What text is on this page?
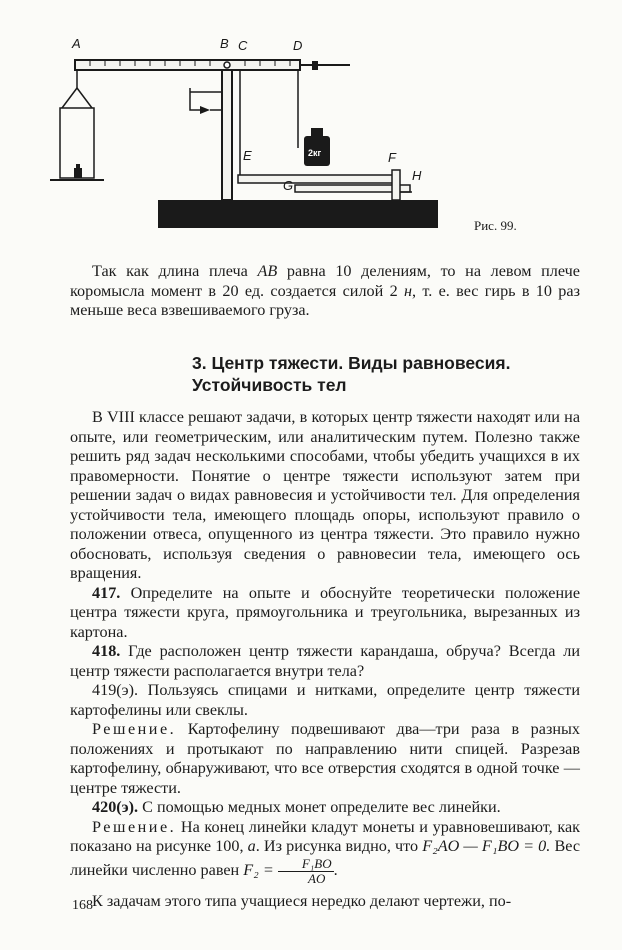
A	B C	D
E	F
G
H
2кг
Рис. 99.

Так как длина плеча AB равна 10 делениям, то на левом плече коромысла момент в 20 ед. создается силой 2 н, т. е. вес гирь в 10 раз меньше веса взвешиваемого груза.

3. Центр тяжести. Виды равновесия.
Устойчивость тел

В VIII классе решают задачи, в которых центр тяжести находят или на опыте, или геометрическим, или аналитическим путем. Полезно также решить ряд задач несколькими способами, чтобы убедить учащихся в их правомерности. Понятие о центре тяжести используют затем при решении задач о видах равновесия и устойчивости тел. Для определения устойчивости тела, имеющего площадь опоры, используют правило о положении отвеса, опущенного из центра тяжести. Это правило нужно обосновать, используя сведения о равновесии тела, имеющего ось вращения.

417. Определите на опыте и обоснуйте теоретически положение центра тяжести круга, прямоугольника и треугольника, вырезанных из картона.

418. Где расположен центр тяжести карандаша, обруча? Всегда ли центр тяжести располагается внутри тела?

419(э). Пользуясь спицами и нитками, определите центр тяжести картофелины или свеклы.

Решение. Картофелину подвешивают два—три раза в разных положениях и протыкают по направлению нити спицей. Разрезав картофелину, обнаруживают, что все отверстия сходятся в одной точке — центре тяжести.

420(э). С помощью медных монет определите вес линейки.

Решение. На конец линейки кладут монеты и уравновешивают, как показано на рисунке 100, а. Из рисунка видно, что F₂AO — F₁BO = 0. Вес линейки численно равен $F_2 = \frac{\text{F₁BO}}{AO}$ .

К задачам этого типа учащиеся нередко делают чертежи, по-

168
